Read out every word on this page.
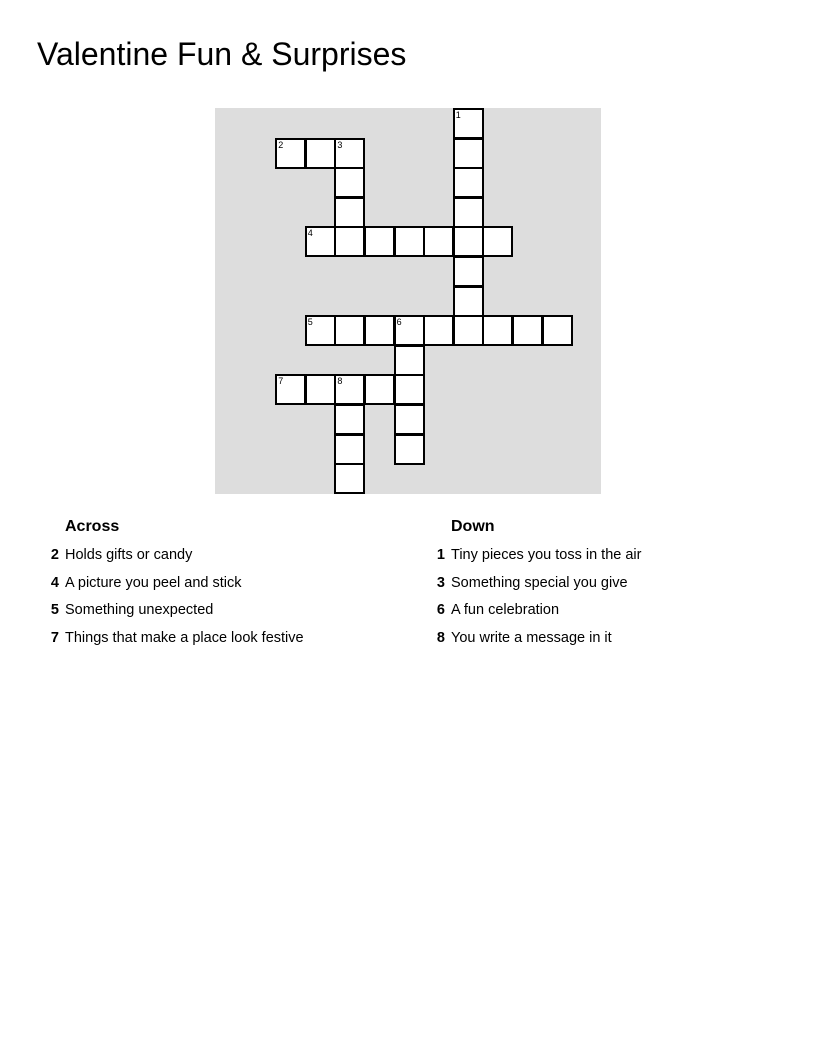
Valentine Fun & Surprises
1
2	3
4
5	6
7	8
Across
2 Holds gifts or candy
4 A picture you peel and stick
5 Something unexpected
7 Things that make a place look festive
Down
1 Tiny pieces you toss in the air
3 Something special you give
6 A fun celebration
8 You write a message in it
